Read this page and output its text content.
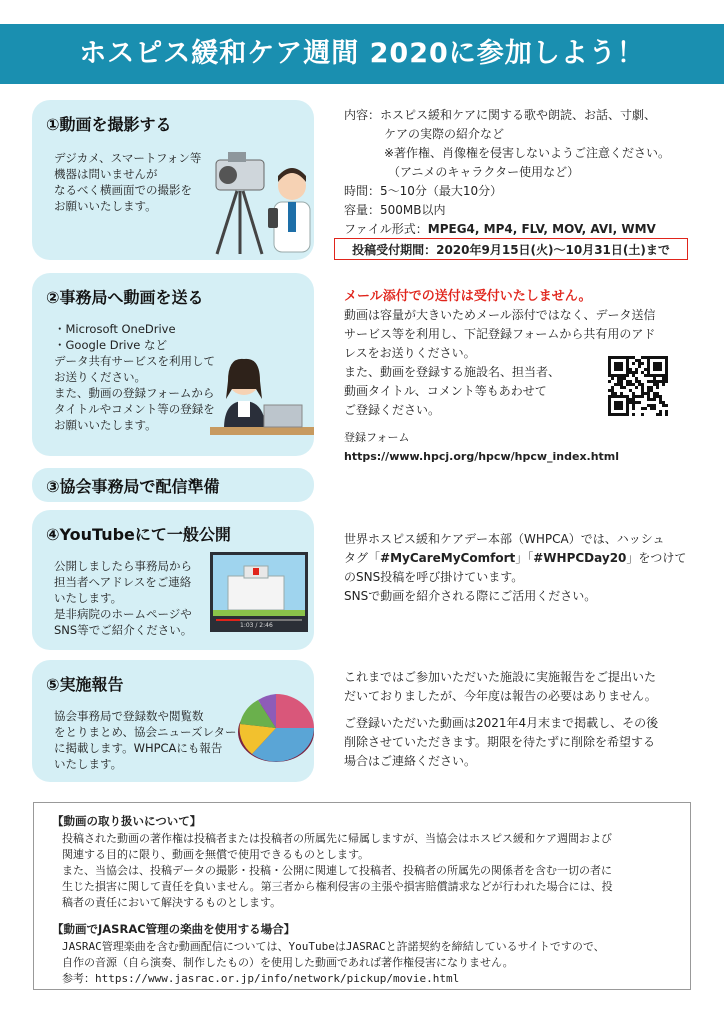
ホスピス緩和ケア週間 2020に参加しよう！
①動画を撮影する
デジカメ、スマートフォン等
機器は問いませんが
なるべく横画面での撮影を
お願いいたします。
②事務局へ動画を送る
・Microsoft OneDrive
・Google Drive など
データ共有サービスを利用して
お送りください。
また、動画の登録フォームから
タイトルやコメント等の登録を
お願いいたします。
③協会事務局で配信準備
④YouTubeにて一般公開
公開しましたら事務局から
担当者へアドレスをご連絡
いたします。
是非病院のホームページや
SNS等でご紹介ください。	1:03 / 2:46
⑤実施報告
協会事務局で登録数や閲覧数
をとりまとめ、協会ニューズレター
に掲載します。WHPCAにも報告
いたします。

内容：ホスピス緩和ケアに関する歌や朗読、お話、寸劇、

ケアの実際の紹介など

※著作権、肖像権を侵害しないようご注意ください。

（アニメのキャラクター使用など）

時間：5～10分（最大10分）

容量：500MB以内

ファイル形式：MPEG4, MP4, FLV, MOV, AVI, WMV

投稿受付期間：2020年9月15日(火)～10月31日(土)まで

メール添付での送付は受付いたしません。

動画は容量が大きいためメール添付ではなく、データ送信

サービス等を利用し、下記登録フォームから共有用のアド

レスをお送りください。

また、動画を登録する施設名、担当者、

動画タイトル、コメント等もあわせて

ご登録ください。

登録フォーム　https://www.hpcj.org/hpcw/hpcw_index.html

世界ホスピス緩和ケアデー本部（WHPCA）では、ハッシュ

タグ「#MyCareMyComfort」「#WHPCDay20」をつけて

のSNS投稿を呼び掛けています。

SNSで動画を紹介される際にご活用ください。

これまではご参加いただいた施設に実施報告をご提出いた

だいておりましたが、今年度は報告の必要はありません。

ご登録いただいた動画は2021年4月末まで掲載し、その後

削除させていただきます。期限を待たずに削除を希望する

場合はご連絡ください。

【動画の取り扱いについて】
投稿された動画の著作権は投稿者または投稿者の所属先に帰属しますが、当協会はホスピス緩和ケア週間および
関連する目的に限り、動画を無償で使用できるものとします。
また、当協会は、投稿データの撮影・投稿・公開に関連して投稿者、投稿者の所属先の関係者を含む一切の者に
生じた損害に関して責任を負いません。第三者から権利侵害の主張や損害賠償請求などが行われた場合には、投
稿者の責任において解決するものとします。
【動画でJASRAC管理の楽曲を使用する場合】
JASRAC管理楽曲を含む動画配信については、YouTubeはJASRACと許諾契約を締結しているサイトですので、
自作の音源（自ら演奏、制作したもの）を使用した動画であれば著作権侵害になりません。
参考：https://www.jasrac.or.jp/info/network/pickup/movie.html
